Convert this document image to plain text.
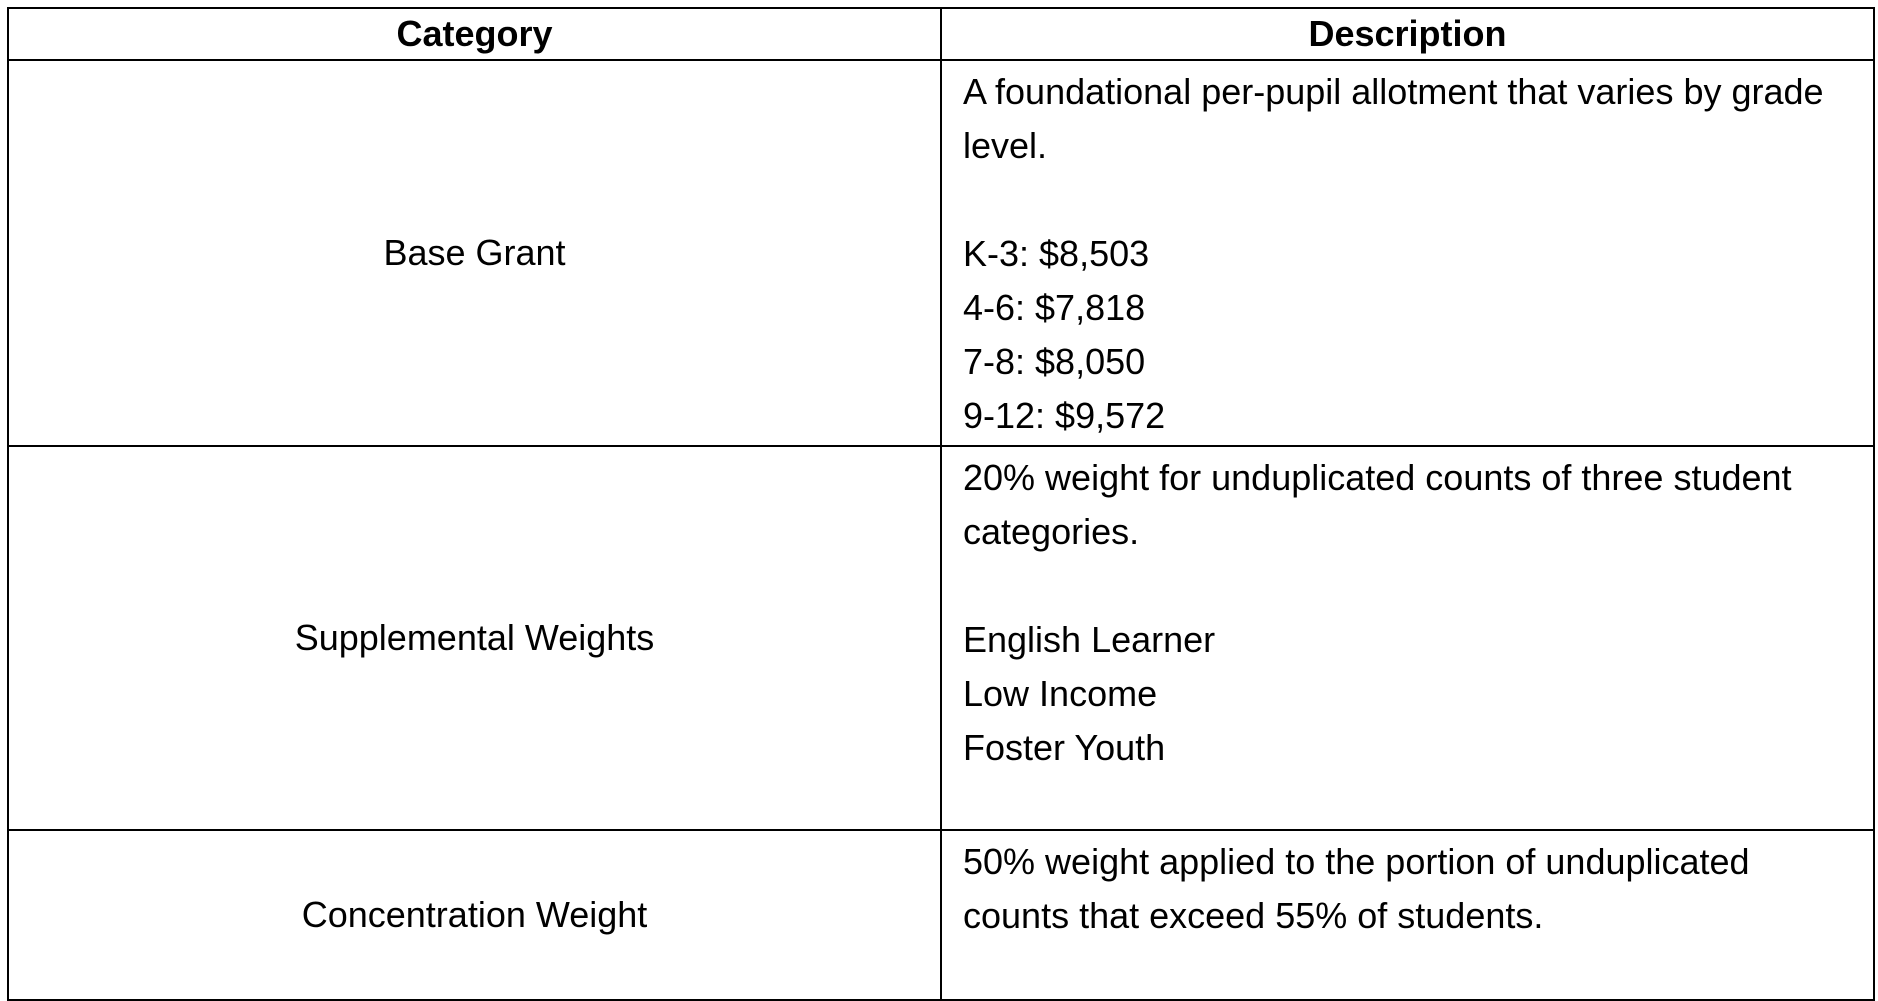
Category	Description
Base Grant	A foundational per-pupil allotment that varies by grade level.

K-3: $8,503

4-6: $7,818

7-8: $8,050

9-12: $9,572

Supplemental Weights	20% weight for unduplicated counts of three student categories.

English Learner

Low Income

Foster Youth

Concentration Weight	50% weight applied to the portion of unduplicated counts that exceed 55% of students.
